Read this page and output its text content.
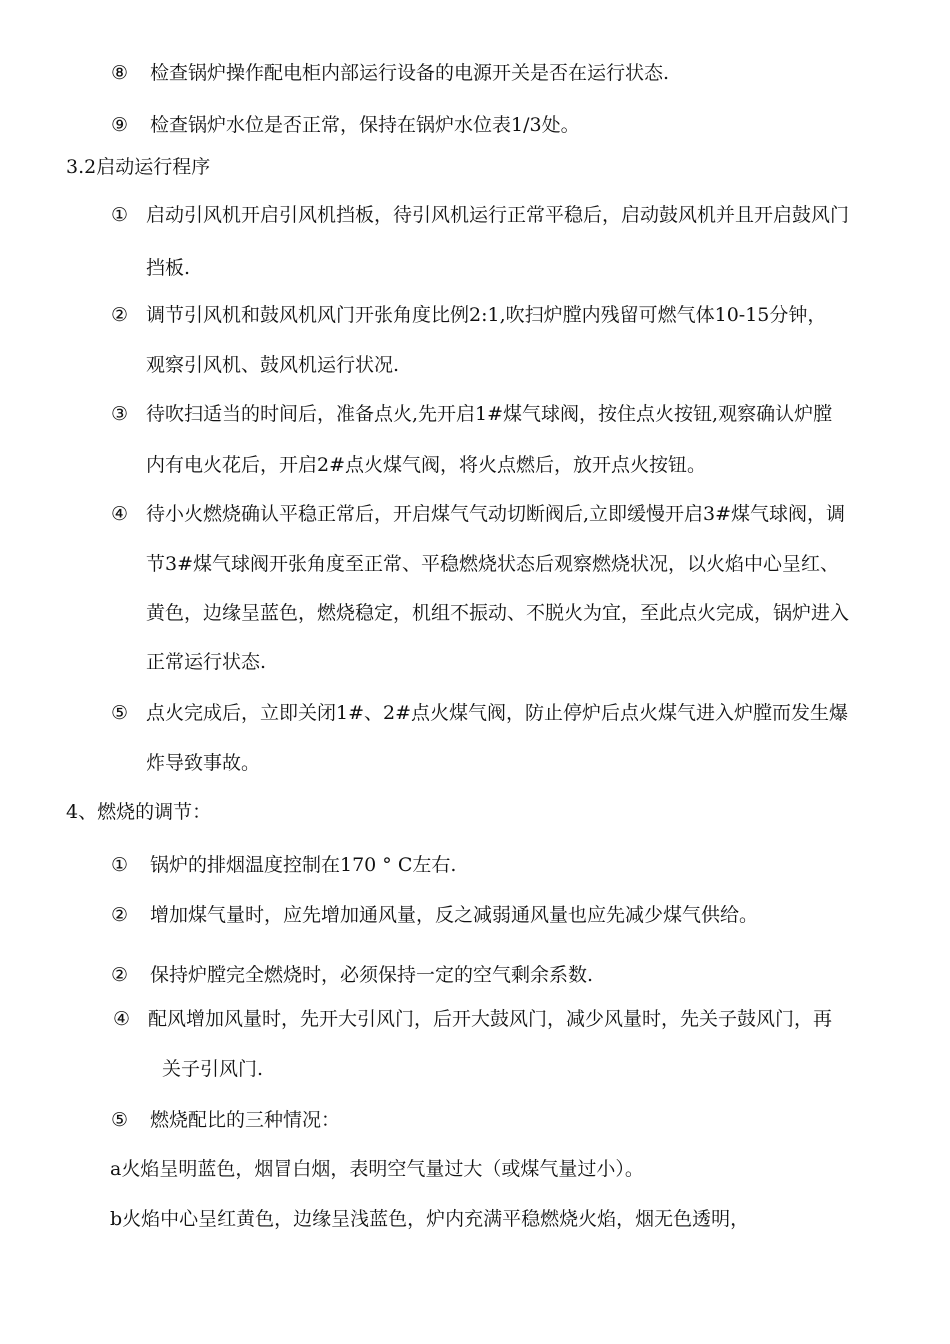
⑧ 检查锅炉操作配电柜内部运行设备的电源开关是否在运行状态.
⑨ 检查锅炉水位是否正常，保持在锅炉水位表1/3处。
3.2启动运行程序
① 启动引风机开启引风机挡板，待引风机运行正常平稳后，启动鼓风机并且开启鼓风门
挡板.
② 调节引风机和鼓风机风门开张角度比例2:1,吹扫炉膛内残留可燃气体10-15分钟，
观察引风机、鼓风机运行状况.
③ 待吹扫适当的时间后，准备点火,先开启1#煤气球阀，按住点火按钮,观察确认炉膛
内有电火花后，开启2#点火煤气阀，将火点燃后，放开点火按钮。
④ 待小火燃烧确认平稳正常后，开启煤气气动切断阀后,立即缓慢开启3#煤气球阀，调
节3#煤气球阀开张角度至正常、平稳燃烧状态后观察燃烧状况，以火焰中心呈红、
黄色，边缘呈蓝色，燃烧稳定，机组不振动、不脱火为宜，至此点火完成，锅炉进入
正常运行状态.
⑤ 点火完成后，立即关闭1#、2#点火煤气阀，防止停炉后点火煤气进入炉膛而发生爆
炸导致事故。
4、燃烧的调节：
① 锅炉的排烟温度控制在170 ° C左右.
② 增加煤气量时，应先增加通风量，反之减弱通风量也应先减少煤气供给。
② 保持炉膛完全燃烧时，必须保持一定的空气剩余系数.
④ 配风增加风量时，先开大引风门，后开大鼓风门，减少风量时，先关子鼓风门，再
关子引风门.
⑤ 燃烧配比的三种情况：
a火焰呈明蓝色，烟冒白烟，表明空气量过大（或煤气量过小）。
b火焰中心呈红黄色，边缘呈浅蓝色，炉内充满平稳燃烧火焰，烟无色透明，
